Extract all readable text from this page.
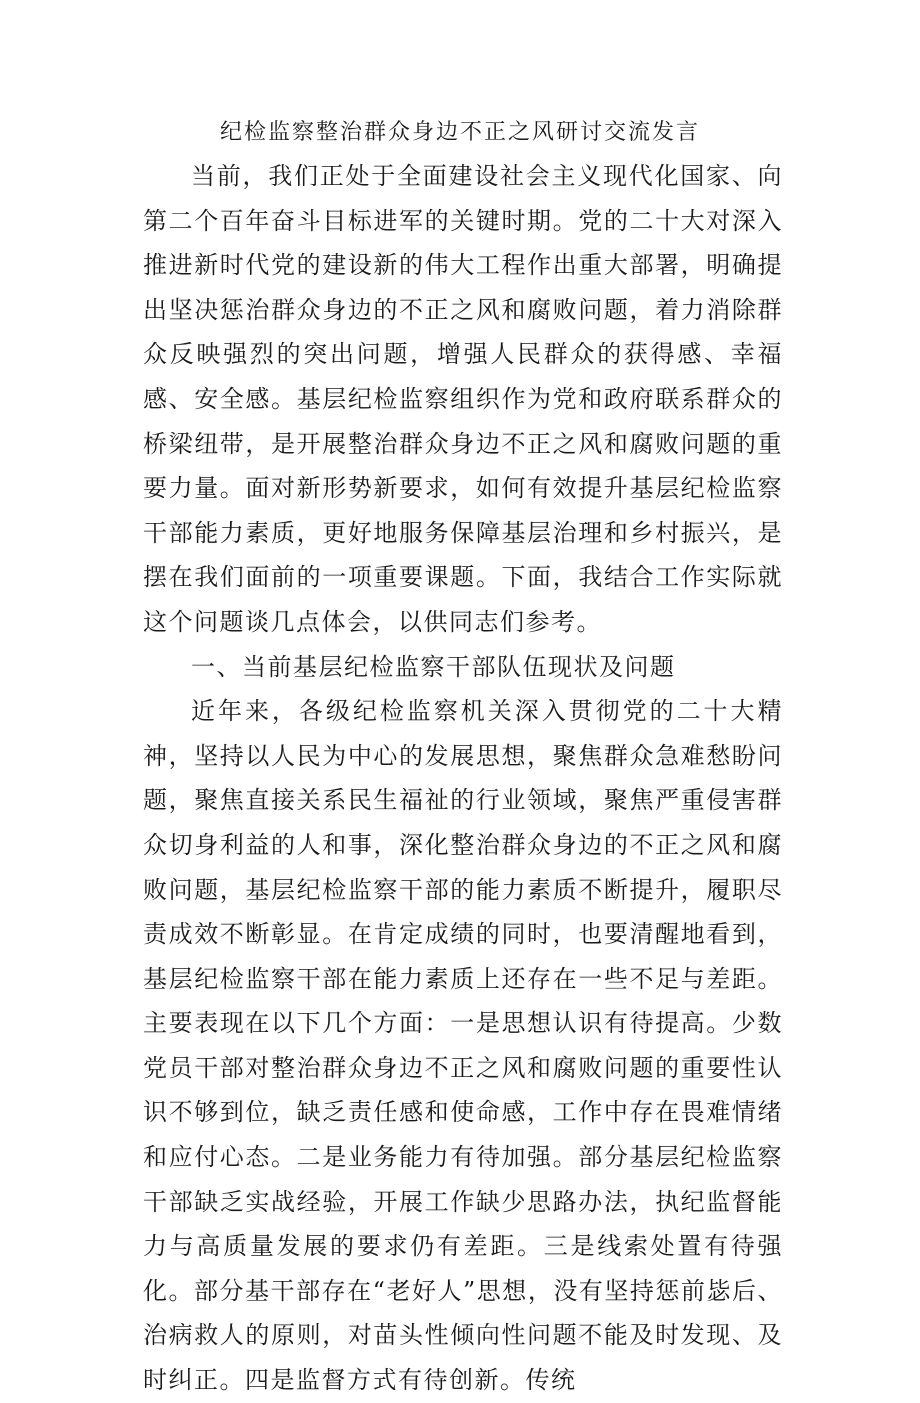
纪检监察整治群众身边不正之风研讨交流发言

当前，我们正处于全面建设社会主义现代化国家、向第二个百年奋斗目标进军的关键时期。党的二十大对深入推进新时代党的建设新的伟大工程作出重大部署，明确提出坚决惩治群众身边的不正之风和腐败问题，着力消除群众反映强烈的突出问题，增强人民群众的获得感、幸福感、安全感。基层纪检监察组织作为党和政府联系群众的桥梁纽带，是开展整治群众身边不正之风和腐败问题的重要力量。面对新形势新要求，如何有效提升基层纪检监察干部能力素质，更好地服务保障基层治理和乡村振兴，是摆在我们面前的一项重要课题。下面，我结合工作实际就这个问题谈几点体会，以供同志们参考。

一、当前基层纪检监察干部队伍现状及问题

近年来，各级纪检监察机关深入贯彻党的二十大精神，坚持以人民为中心的发展思想，聚焦群众急难愁盼问题，聚焦直接关系民生福祉的行业领域，聚焦严重侵害群众切身利益的人和事，深化整治群众身边的不正之风和腐败问题，基层纪检监察干部的能力素质不断提升，履职尽责成效不断彰显。在肯定成绩的同时，也要清醒地看到，基层纪检监察干部在能力素质上还存在一些不足与差距。主要表现在以下几个方面：一是思想认识有待提高。少数党员干部对整治群众身边不正之风和腐败问题的重要性认识不够到位，缺乏责任感和使命感，工作中存在畏难情绪和应付心态。二是业务能力有待加强。部分基层纪检监察干部缺乏实战经验，开展工作缺少思路办法，执纪监督能力与高质量发展的要求仍有差距。三是线索处置有待强化。部分基干部存在“老好人”思想，没有坚持惩前毖后、治病救人的原则，对苗头性倾向性问题不能及时发现、及时纠正。四是监督方式有待创新。传统
